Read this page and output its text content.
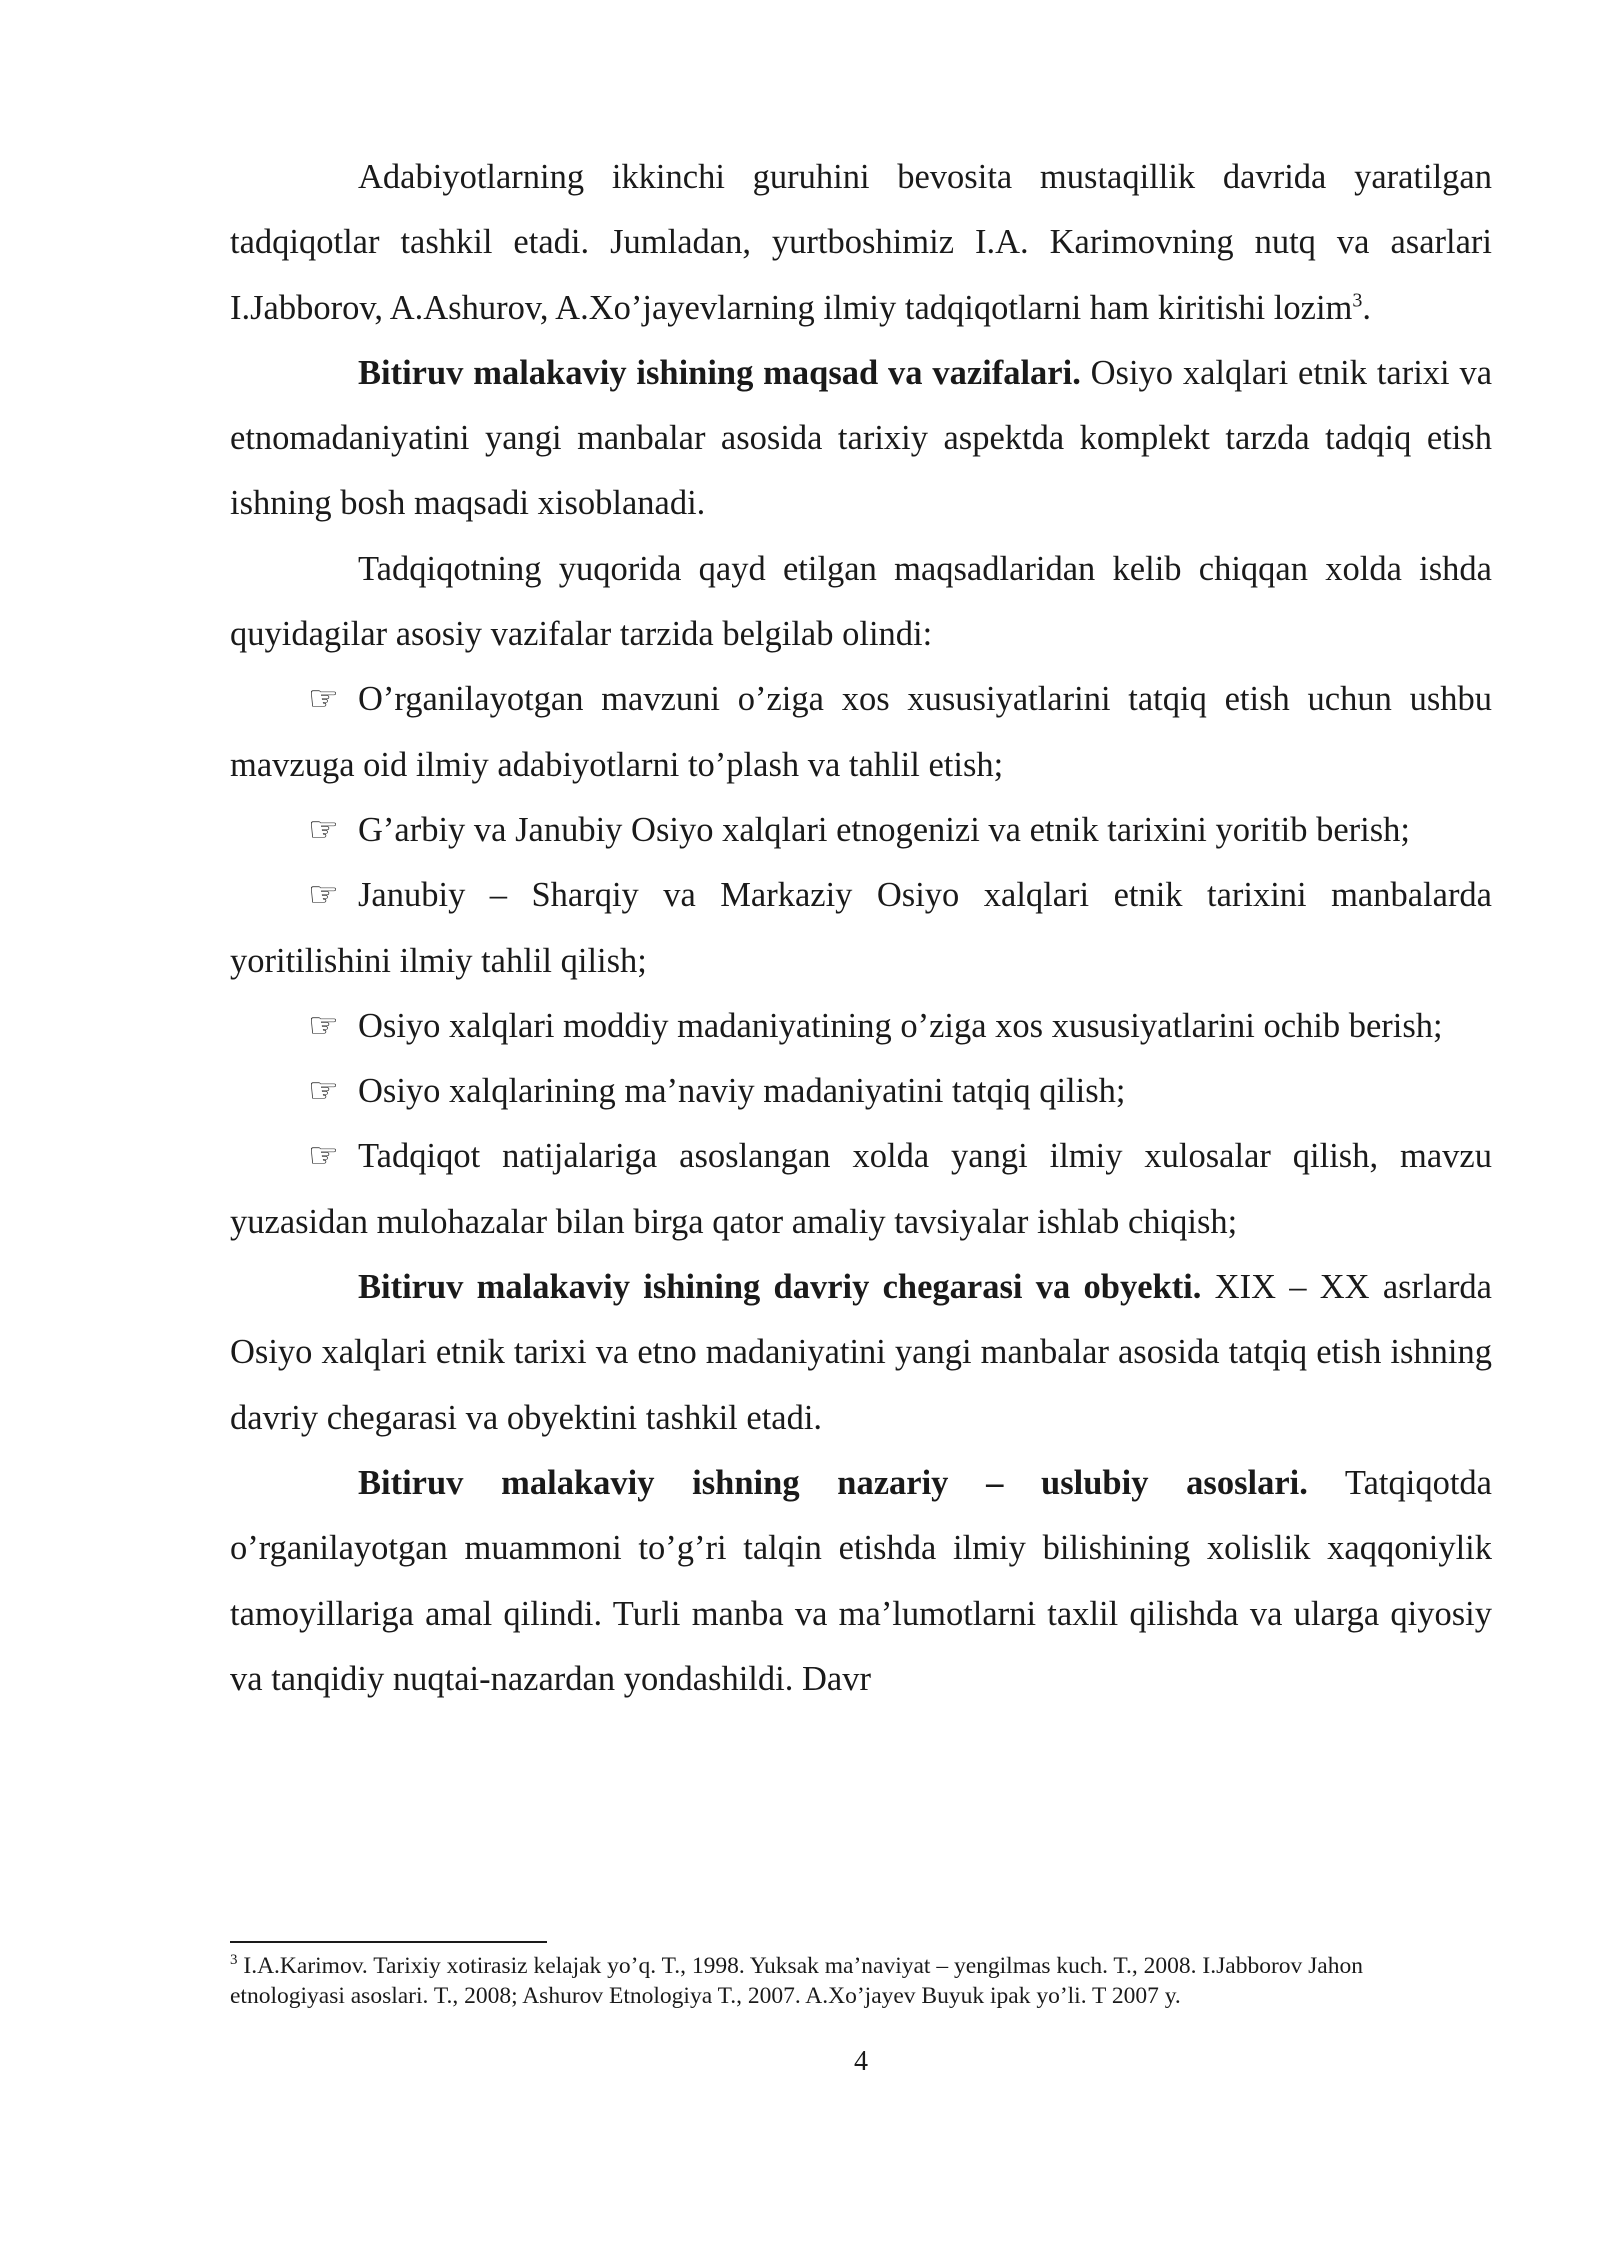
Adabiyotlarning ikkinchi guruhini bevosita mustaqillik davrida yaratilgan tadqiqotlar tashkil etadi. Jumladan, yurtboshimiz I.A. Karimovning nutq va asarlari I.Jabborov, A.Ashurov, A.Xo’jayevlarning ilmiy tadqiqotlarni ham kiritishi lozim$^3$.

Bitiruv malakaviy ishining maqsad va vazifalari. Osiyo xalqlari etnik tarixi va etnomadaniyatini yangi manbalar asosida tarixiy aspektda komplekt tarzda tadqiq etish ishning bosh maqsadi xisoblanadi.

Tadqiqotning yuqorida qayd etilgan maqsadlaridan kelib chiqqan xolda ishda quyidagilar asosiy vazifalar tarzida belgilab olindi:

☞ O’rganilayotgan mavzuni o’ziga xos xususiyatlarini tatqiq etish uchun ushbu mavzuga oid ilmiy adabiyotlarni to’plash va tahlil etish;

☞ G’arbiy va Janubiy Osiyo xalqlari etnogenizi va etnik tarixini yoritib berish;

☞ Janubiy – Sharqiy va Markaziy Osiyo xalqlari etnik tarixini manbalarda yoritilishini ilmiy tahlil qilish;

☞ Osiyo xalqlari moddiy madaniyatining o’ziga xos xususiyatlarini ochib berish;

☞ Osiyo xalqlarining ma’naviy madaniyatini tatqiq qilish;

☞ Tadqiqot natijalariga asoslangan xolda yangi ilmiy xulosalar qilish, mavzu yuzasidan mulohazalar bilan birga qator amaliy tavsiyalar ishlab chiqish;

Bitiruv malakaviy ishining davriy chegarasi va obyekti. XIX – XX asrlarda Osiyo xalqlari etnik tarixi va etno madaniyatini yangi manbalar asosida tatqiq etish ishning davriy chegarasi va obyektini tashkil etadi.

Bitiruv malakaviy ishning nazariy – uslubiy asoslari. Tatqiqotda o’rganilayotgan muammoni to’g’ri talqin etishda ilmiy bilishining xolislik xaqqoniylik tamoyillariga amal qilindi. Turli manba va ma’lumotlarni taxlil qilishda va ularga qiyosiy va tanqidiy nuqtai-nazardan yondashildi. Davr

$^3$ I.A.Karimov. Tarixiy xotirasiz kelajak yo’q. T., 1998. Yuksak ma’naviyat – yengilmas kuch. T., 2008. I.Jabborov Jahon etnologiyasi asoslari. T., 2008; Ashurov Etnologiya T., 2007. A.Xo’jayev Buyuk ipak yo’li. T 2007 y.

4
